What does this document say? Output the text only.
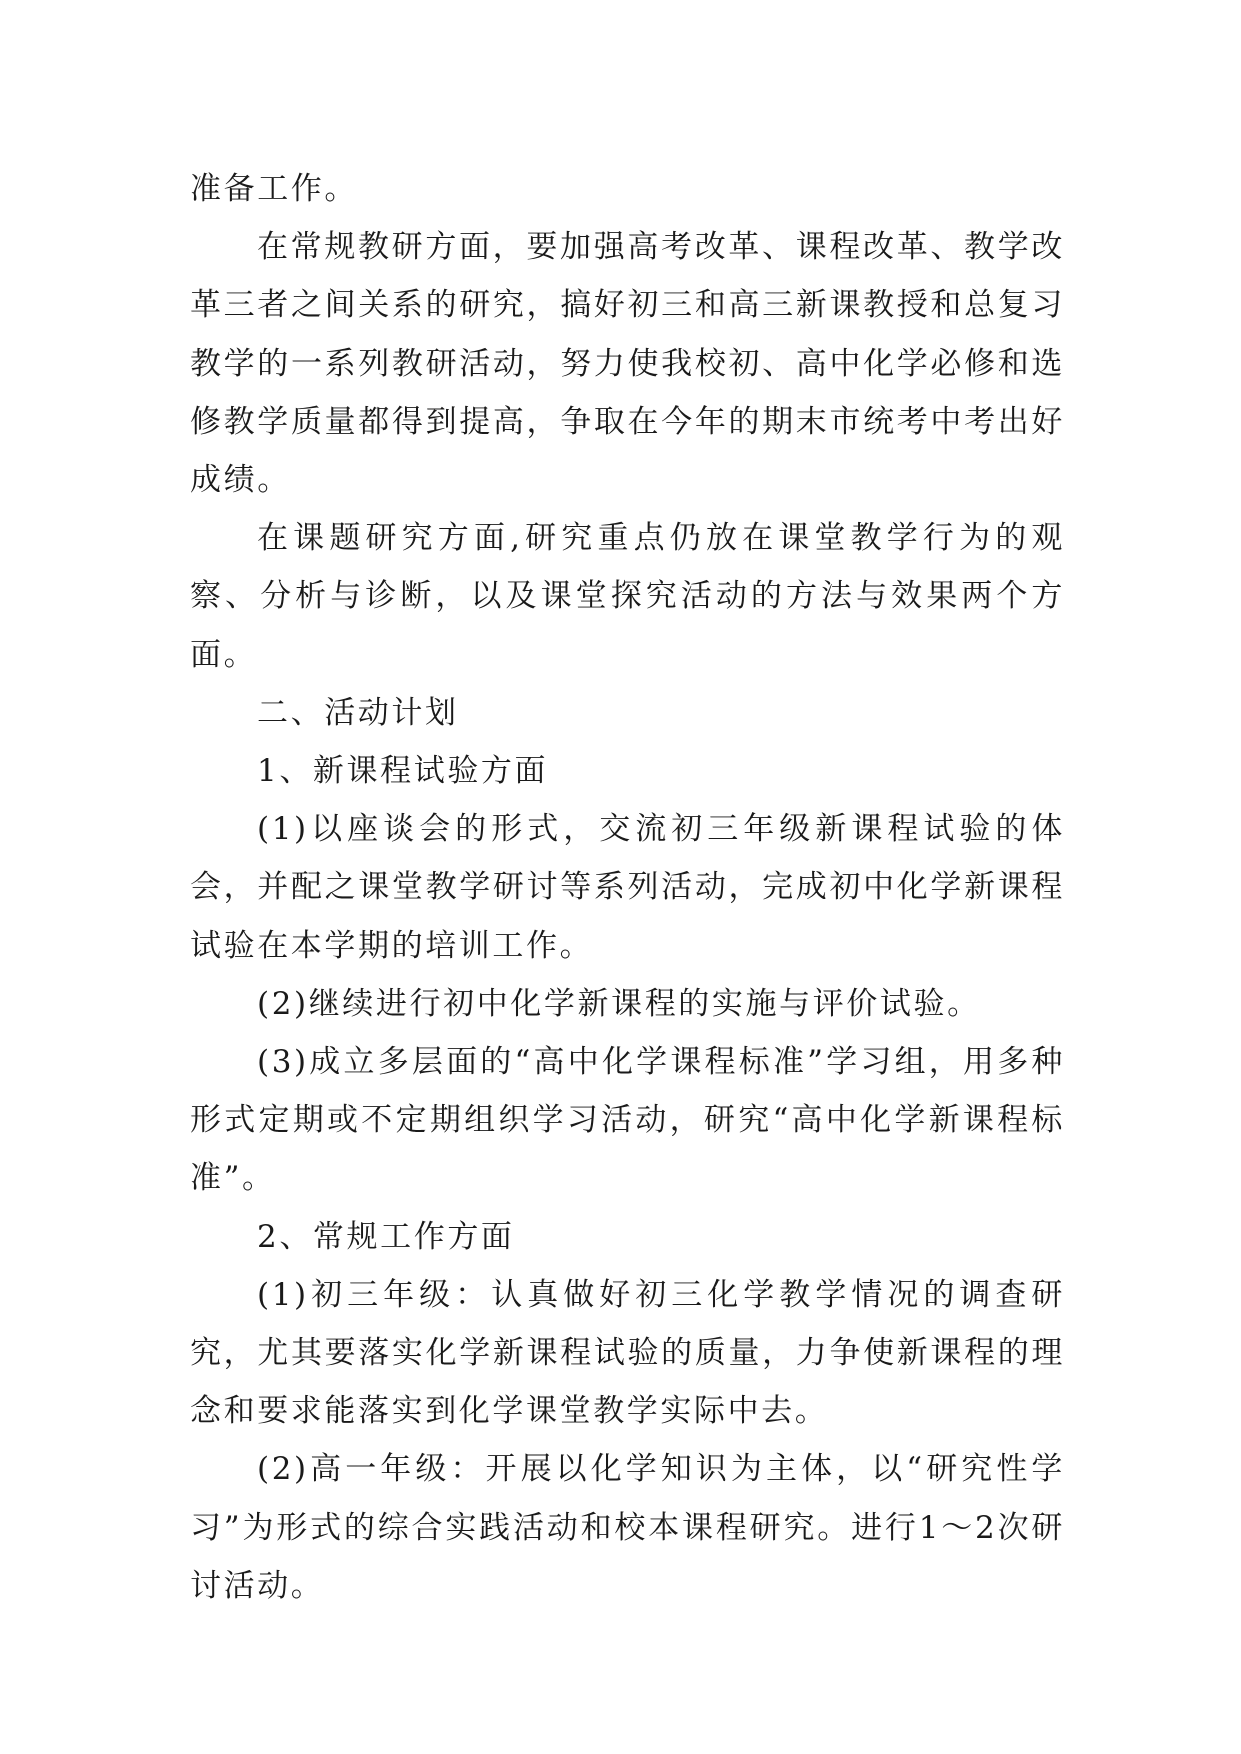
准备工作。

在常规教研方面，要加强高考改革、课程改革、教学改革三者之间关系的研究，搞好初三和高三新课教授和总复习教学的一系列教研活动，努力使我校初、高中化学必修和选修教学质量都得到提高，争取在今年的期末市统考中考出好成绩。

在课题研究方面,研究重点仍放在课堂教学行为的观察、分析与诊断，以及课堂探究活动的方法与效果两个方面。

二、活动计划

1、新课程试验方面

(1)以座谈会的形式，交流初三年级新课程试验的体会，并配之课堂教学研讨等系列活动，完成初中化学新课程试验在本学期的培训工作。

(2)继续进行初中化学新课程的实施与评价试验。

(3)成立多层面的“高中化学课程标准”学习组，用多种形式定期或不定期组织学习活动，研究“高中化学新课程标准”。

2、常规工作方面

(1)初三年级：认真做好初三化学教学情况的调查研究，尤其要落实化学新课程试验的质量，力争使新课程的理念和要求能落实到化学课堂教学实际中去。

(2)高一年级：开展以化学知识为主体，以“研究性学习”为形式的综合实践活动和校本课程研究。进行1～2次研讨活动。
